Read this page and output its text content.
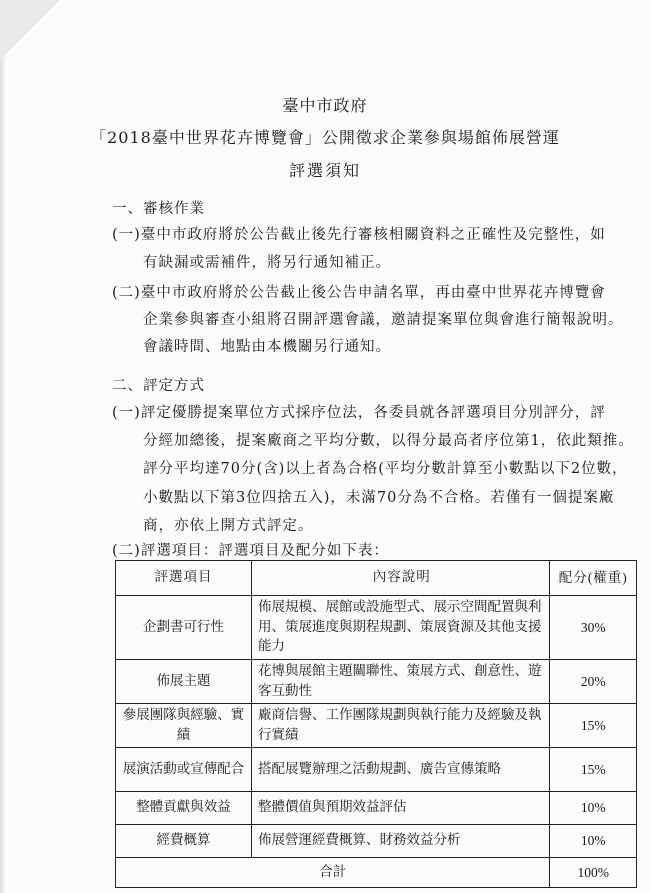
臺中市政府
「2018臺中世界花卉博覽會」公開徵求企業參與場館佈展營運
評選須知
一、審核作業
(一)臺中市政府將於公告截止後先行審核相關資料之正確性及完整性，如
有缺漏或需補件，將另行通知補正。
(二)臺中市政府將於公告截止後公告申請名單，再由臺中世界花卉博覽會
企業參與審查小組將召開評選會議，邀請提案單位與會進行簡報說明。
會議時間、地點由本機關另行通知。
二、評定方式
(一)評定優勝提案單位方式採序位法，各委員就各評選項目分別評分，評
分經加總後，提案廠商之平均分數，以得分最高者序位第1，依此類推。
評分平均達70分(含)以上者為合格(平均分數計算至小數點以下2位數，
小數點以下第3位四捨五入)，未滿70分為不合格。若僅有一個提案廠
商，亦依上開方式評定。
(二)評選項目：評選項目及配分如下表：
評選項目	內容說明	配分(權重)
企劃書可行性	佈展規模、展館或設施型式、展示空間配置與利用、策展進度與期程規劃、策展資源及其他支援能力	30%
佈展主題	花博與展館主題關聯性、策展方式、創意性、遊客互動性	20%
參展團隊與經驗、實績	廠商信譽、工作團隊規劃與執行能力及經驗及執行實績	15%
展演活動或宣傳配合	搭配展覽辦理之活動規劃、廣告宣傳策略	15%
整體貢獻與效益	整體價值與預期效益評估	10%
經費概算	佈展營運經費概算、財務效益分析	10%
合計		100%
